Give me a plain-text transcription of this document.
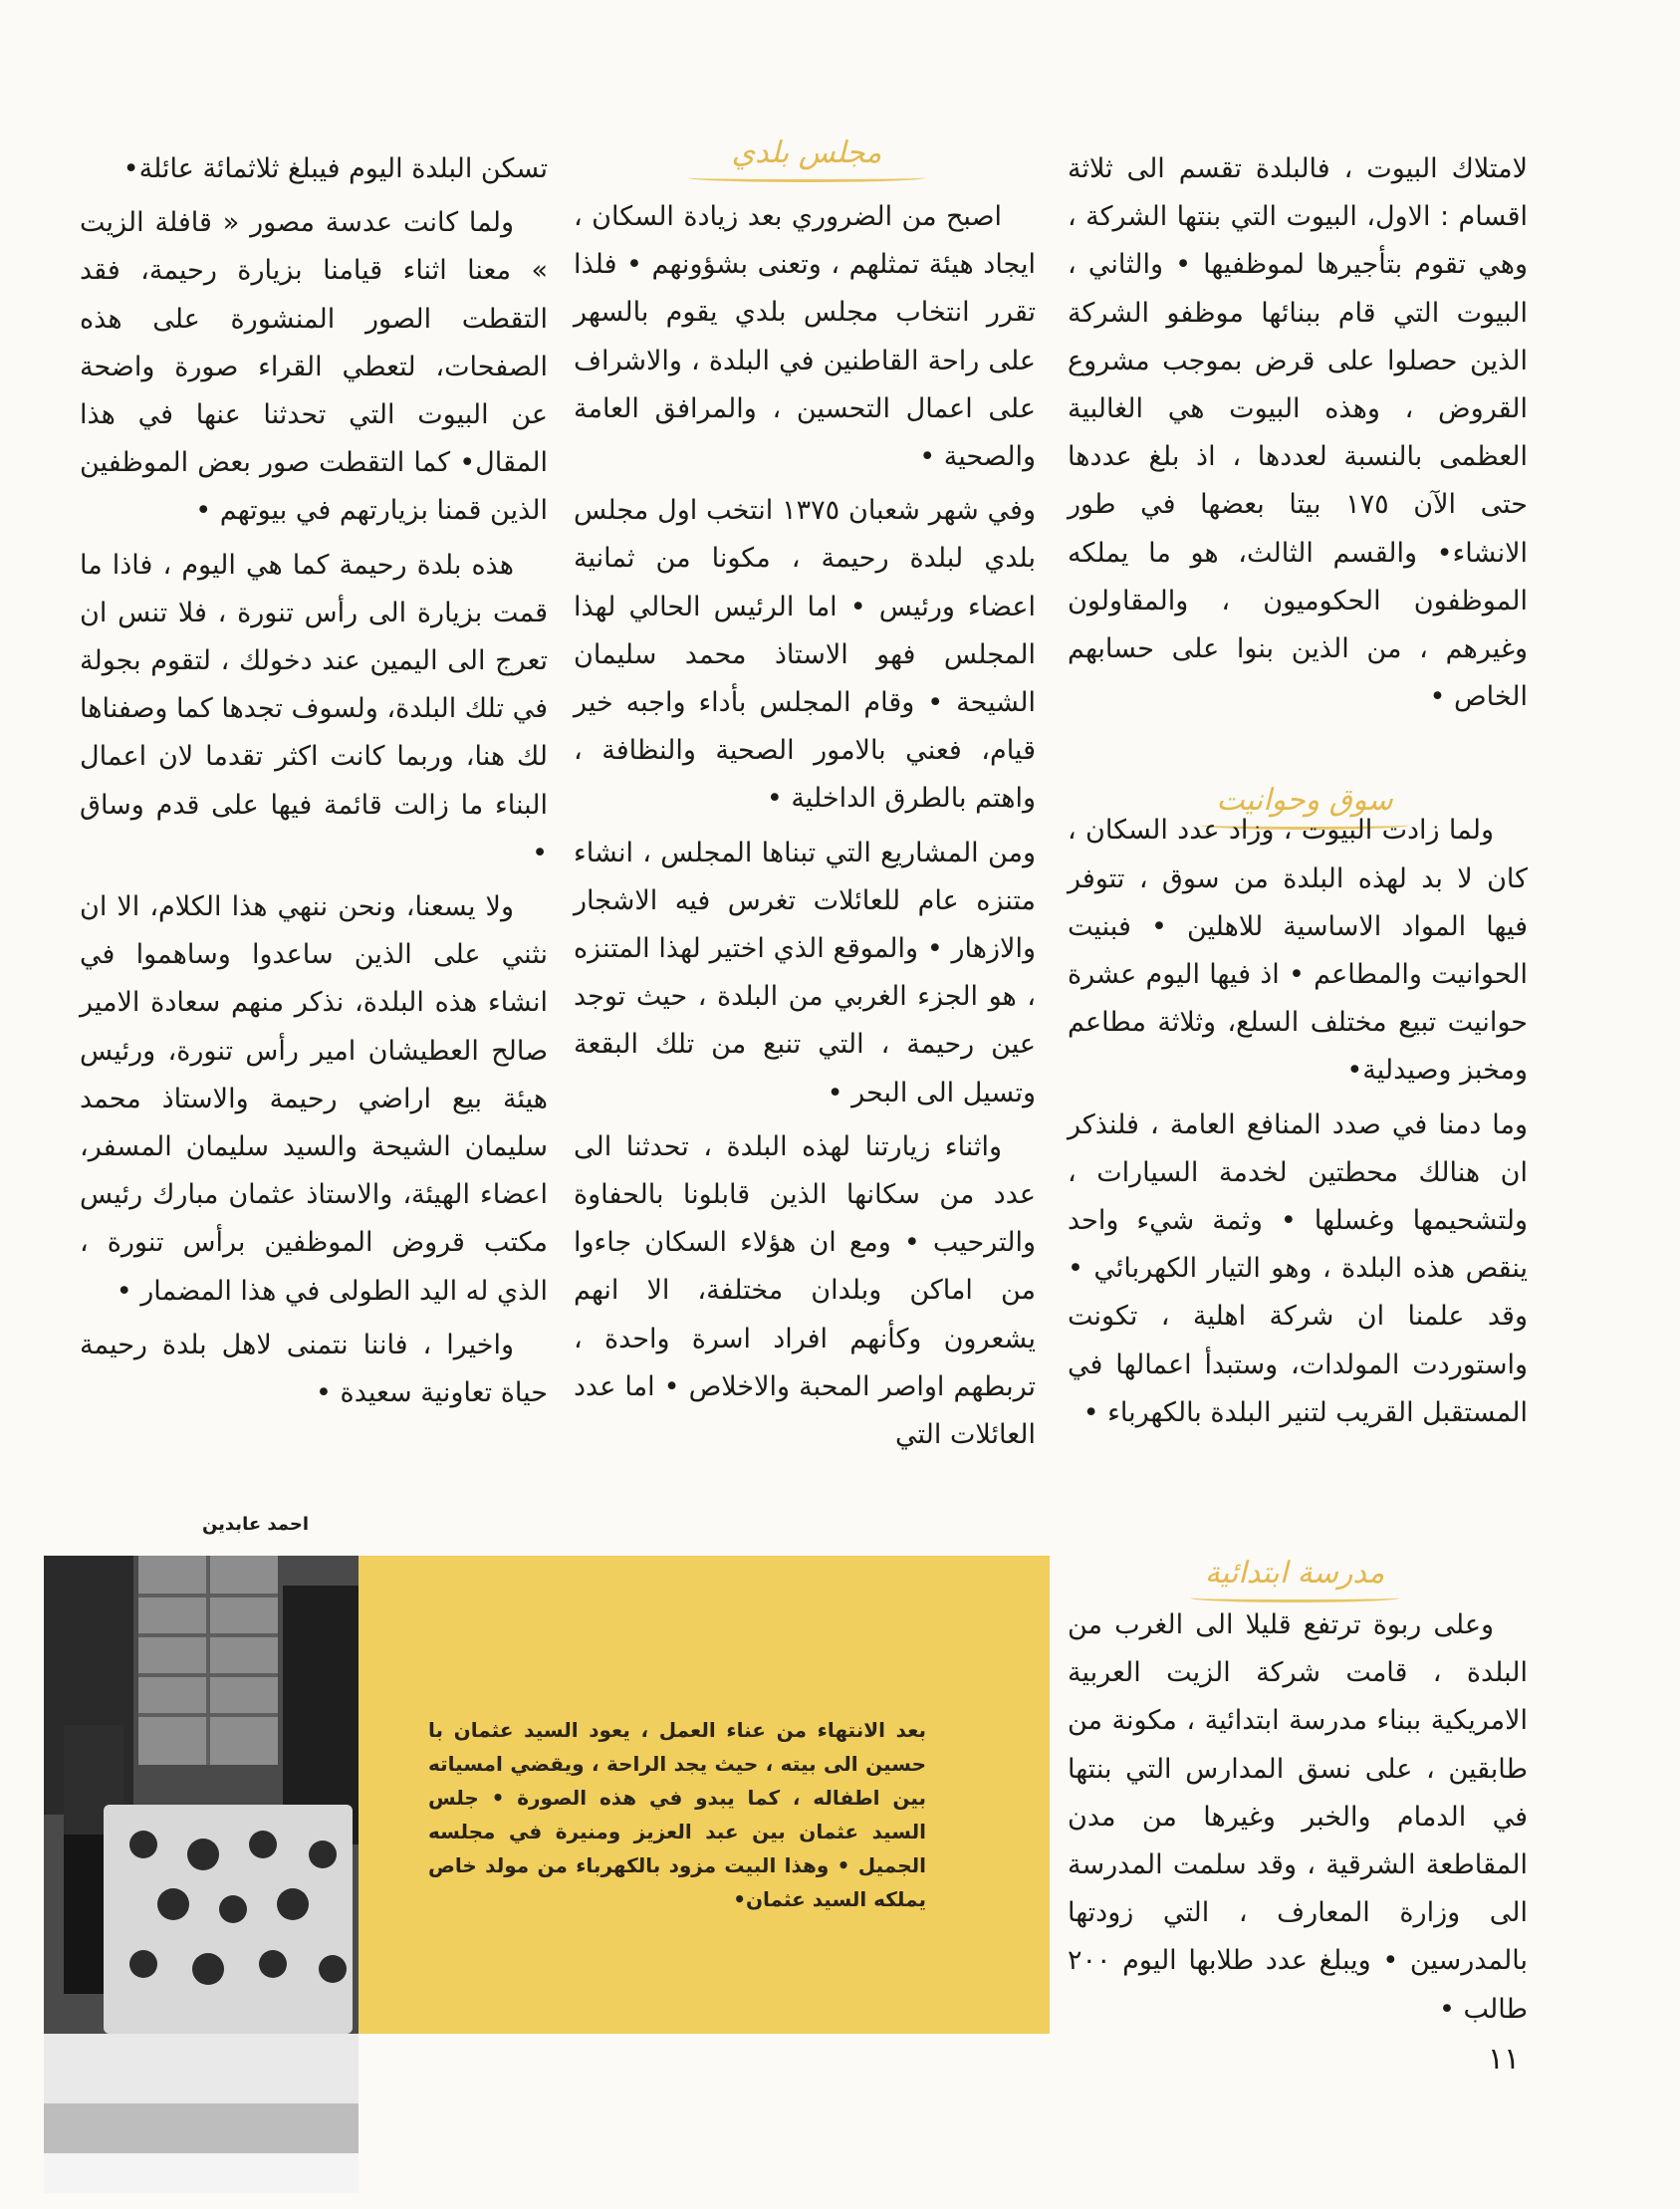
مجلس بلدي
سوق وحوانيت
مدرسة ابتدائية

لامتلاك البيوت ، فالبلدة تقسم الى ثلاثة اقسام : الاول، البيوت التي بنتها الشركة ، وهي تقوم بتأجيرها لموظفيها • والثاني ، البيوت التي قام ببنائها موظفو الشركة الذين حصلوا على قرض بموجب مشروع القروض ، وهذه البيوت هي الغالبية العظمى بالنسبة لعددها ، اذ بلغ عددها حتى الآن ١٧٥ بيتا بعضها في طور الانشاء• والقسم الثالث، هو ما يملكه الموظفون الحكوميون ، والمقاولون وغيرهم ، من الذين بنوا على حسابهم الخاص •

ولما زادت البيوت ، وزاد عدد السكان ، كان لا بد لهذه البلدة من سوق ، تتوفر فيها المواد الاساسية للاهلين • فبنيت الحوانيت والمطاعم • اذ فيها اليوم عشرة حوانيت تبيع مختلف السلع، وثلاثة مطاعم ومخبز وصيدلية•

وما دمنا في صدد المنافع العامة ، فلنذكر ان هنالك محطتين لخدمة السيارات ، ولتشحيمها وغسلها • وثمة شيء واحد ينقص هذه البلدة ، وهو التيار الكهربائي • وقد علمنا ان شركة اهلية ، تكونت واستوردت المولدات، وستبدأ اعمالها في المستقبل القريب لتنير البلدة بالكهرباء •

وعلى ربوة ترتفع قليلا الى الغرب من البلدة ، قامت شركة الزيت العربية الامريكية ببناء مدرسة ابتدائية ، مكونة من طابقين ، على نسق المدارس التي بنتها في الدمام والخبر وغيرها من مدن المقاطعة الشرقية ، وقد سلمت المدرسة الى وزارة المعارف ، التي زودتها بالمدرسين • ويبلغ عدد طلابها اليوم ٢٠٠ طالب •

اصبح من الضروري بعد زيادة السكان ، ايجاد هيئة تمثلهم ، وتعنى بشؤونهم • فلذا تقرر انتخاب مجلس بلدي يقوم بالسهر على راحة القاطنين في البلدة ، والاشراف على اعمال التحسين ، والمرافق العامة والصحية •

وفي شهر شعبان ١٣٧٥ انتخب اول مجلس بلدي لبلدة رحيمة ، مكونا من ثمانية اعضاء ورئيس • اما الرئيس الحالي لهذا المجلس فهو الاستاذ محمد سليمان الشيحة • وقام المجلس بأداء واجبه خير قيام، فعني بالامور الصحية والنظافة ، واهتم بالطرق الداخلية •

ومن المشاريع التي تبناها المجلس ، انشاء متنزه عام للعائلات تغرس فيه الاشجار والازهار • والموقع الذي اختير لهذا المتنزه ، هو الجزء الغربي من البلدة ، حيث توجد عين رحيمة ، التي تنبع من تلك البقعة وتسيل الى البحر •

واثناء زيارتنا لهذه البلدة ، تحدثنا الى عدد من سكانها الذين قابلونا بالحفاوة والترحيب • ومع ان هؤلاء السكان جاءوا من اماكن وبلدان مختلفة، الا انهم يشعرون وكأنهم افراد اسرة واحدة ، تربطهم اواصر المحبة والاخلاص • اما عدد العائلات التي

تسكن البلدة اليوم فيبلغ ثلاثمائة عائلة•

ولما كانت عدسة مصور « قافلة الزيت » معنا اثناء قيامنا بزيارة رحيمة، فقد التقطت الصور المنشورة على هذه الصفحات، لتعطي القراء صورة واضحة عن البيوت التي تحدثنا عنها في هذا المقال• كما التقطت صور بعض الموظفين الذين قمنا بزيارتهم في بيوتهم •

هذه بلدة رحيمة كما هي اليوم ، فاذا ما قمت بزيارة الى رأس تنورة ، فلا تنس ان تعرج الى اليمين عند دخولك ، لتقوم بجولة في تلك البلدة، ولسوف تجدها كما وصفناها لك هنا، وربما كانت اكثر تقدما لان اعمال البناء ما زالت قائمة فيها على قدم وساق •

ولا يسعنا، ونحن ننهي هذا الكلام، الا ان نثني على الذين ساعدوا وساهموا في انشاء هذه البلدة، نذكر منهم سعادة الامير صالح العطيشان امير رأس تنورة، ورئيس هيئة بيع اراضي رحيمة والاستاذ محمد سليمان الشيحة والسيد سليمان المسفر، اعضاء الهيئة، والاستاذ عثمان مبارك رئيس مكتب قروض الموظفين برأس تنورة ، الذي له اليد الطولى في هذا المضمار •

واخيرا ، فاننا نتمنى لاهل بلدة رحيمة حياة تعاونية سعيدة •

احمد عابدين
بعد الانتهاء من عناء العمل ، يعود السيد عثمان با حسين الى بيته ، حيث يجد الراحة ، ويقضي امسياته بين اطفاله ، كما يبدو في هذه الصورة • جلس السيد عثمان بين عبد العزيز ومنيرة في مجلسه الجميل • وهذا البيت مزود بالكهرباء من مولد خاص يملكه السيد عثمان•
١١
